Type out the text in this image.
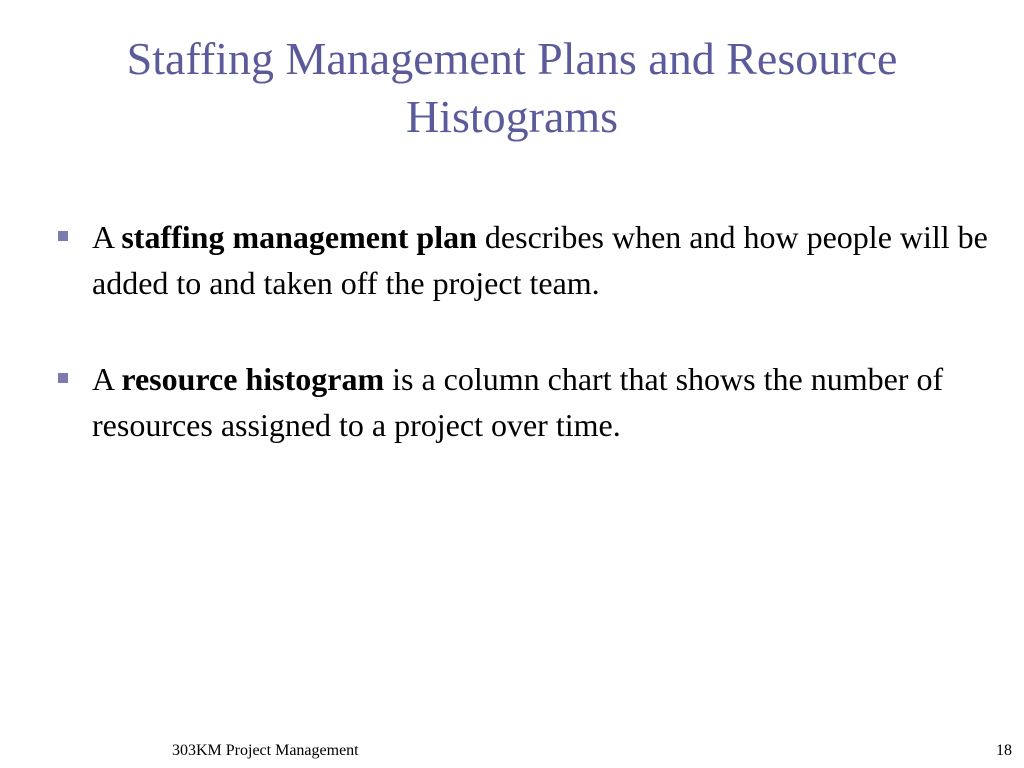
Staffing Management Plans and Resource
Histograms
A staffing management plan describes when and how people will be added to and taken off the project team.
A resource histogram is a column chart that shows the number of resources assigned to a project over time.
303KM Project Management	18
